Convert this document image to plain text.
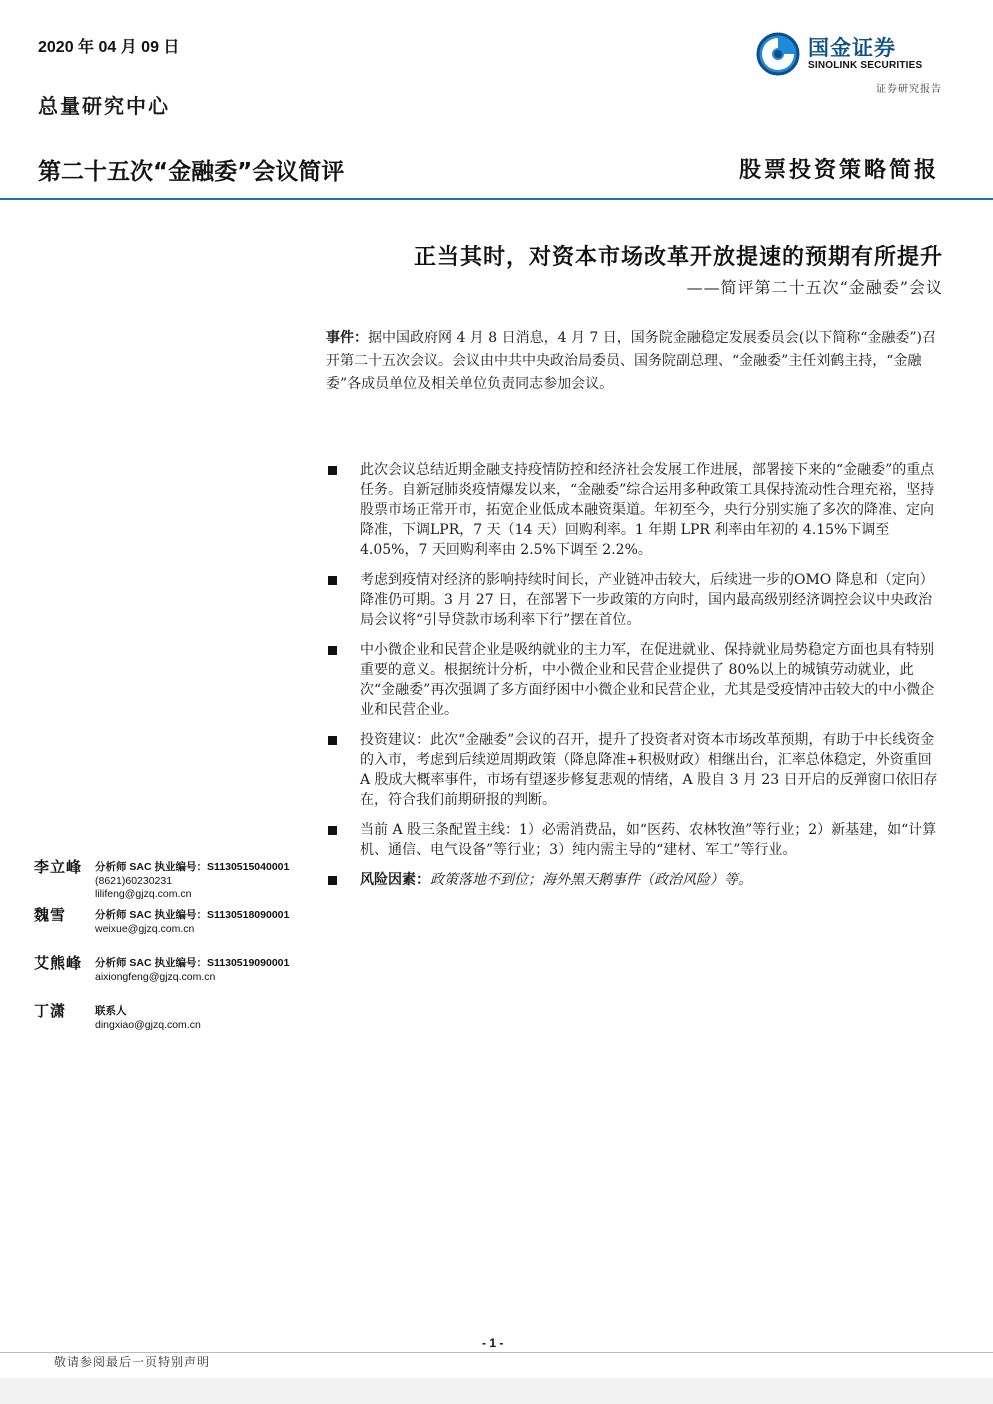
2020 年 04 月 09 日
总量研究中心
第二十五次“金融委”会议简评	股票投资策略简报
国金证券
SINOLINK SECURITIES
证券研究报告
正当其时，对资本市场改革开放提速的预期有所提升
——简评第二十五次“金融委”会议
事件：据中国政府网 4 月 8 日消息，4 月 7 日，国务院金融稳定发展委员会(以下简称“金融委”)召开第二十五次会议。会议由中共中央政治局委员、国务院副总理、“金融委”主任刘鹤主持，“金融委”各成员单位及相关单位负责同志参加会议。
此次会议总结近期金融支持疫情防控和经济社会发展工作进展，部署接下来的“金融委”的重点任务。自新冠肺炎疫情爆发以来，“金融委”综合运用多种政策工具保持流动性合理充裕，坚持股票市场正常开市，拓宽企业低成本融资渠道。年初至今，央行分别实施了多次的降准、定向降准，下调LPR，7 天（14 天）回购利率。1 年期 LPR 利率由年初的 4.15%下调至4.05%，7 天回购利率由 2.5%下调至 2.2%。
考虑到疫情对经济的影响持续时间长，产业链冲击较大，后续进一步的OMO 降息和（定向）降准仍可期。3 月 27 日，在部署下一步政策的方向时，国内最高级别经济调控会议中央政治局会议将“引导贷款市场利率下行”摆在首位。
中小微企业和民营企业是吸纳就业的主力军，在促进就业、保持就业局势稳定方面也具有特别重要的意义。根据统计分析，中小微企业和民营企业提供了 80%以上的城镇劳动就业，此次“金融委”再次强调了多方面纾困中小微企业和民营企业，尤其是受疫情冲击较大的中小微企业和民营企业。
投资建议：此次“金融委”会议的召开，提升了投资者对资本市场改革预期，有助于中长线资金的入市，考虑到后续逆周期政策（降息降准+积极财政）相继出台，汇率总体稳定，外资重回 A 股成大概率事件，市场有望逐步修复悲观的情绪，A 股自 3 月 23 日开启的反弹窗口依旧存在，符合我们前期研报的判断。
当前 A 股三条配置主线：1）必需消费品，如“医药、农林牧渔”等行业；2）新基建，如“计算机、通信、电气设备”等行业；3）纯内需主导的“建材、军工”等行业。
风险因素：政策落地不到位；海外黑天鹅事件（政治风险）等。
李立峰 分析师 SAC 执业编号：S1130515040001
(8621)60230231
lilifeng@gjzq.com.cn
魏雪	分析师 SAC 执业编号：S1130518090001
weixue@gjzq.com.cn
艾熊峰 分析师 SAC 执业编号：S1130519090001
aixiongfeng@gjzq.com.cn
丁潇	联系人
dingxiao@gjzq.com.cn
- 1 -
敬请参阅最后一页特别声明
